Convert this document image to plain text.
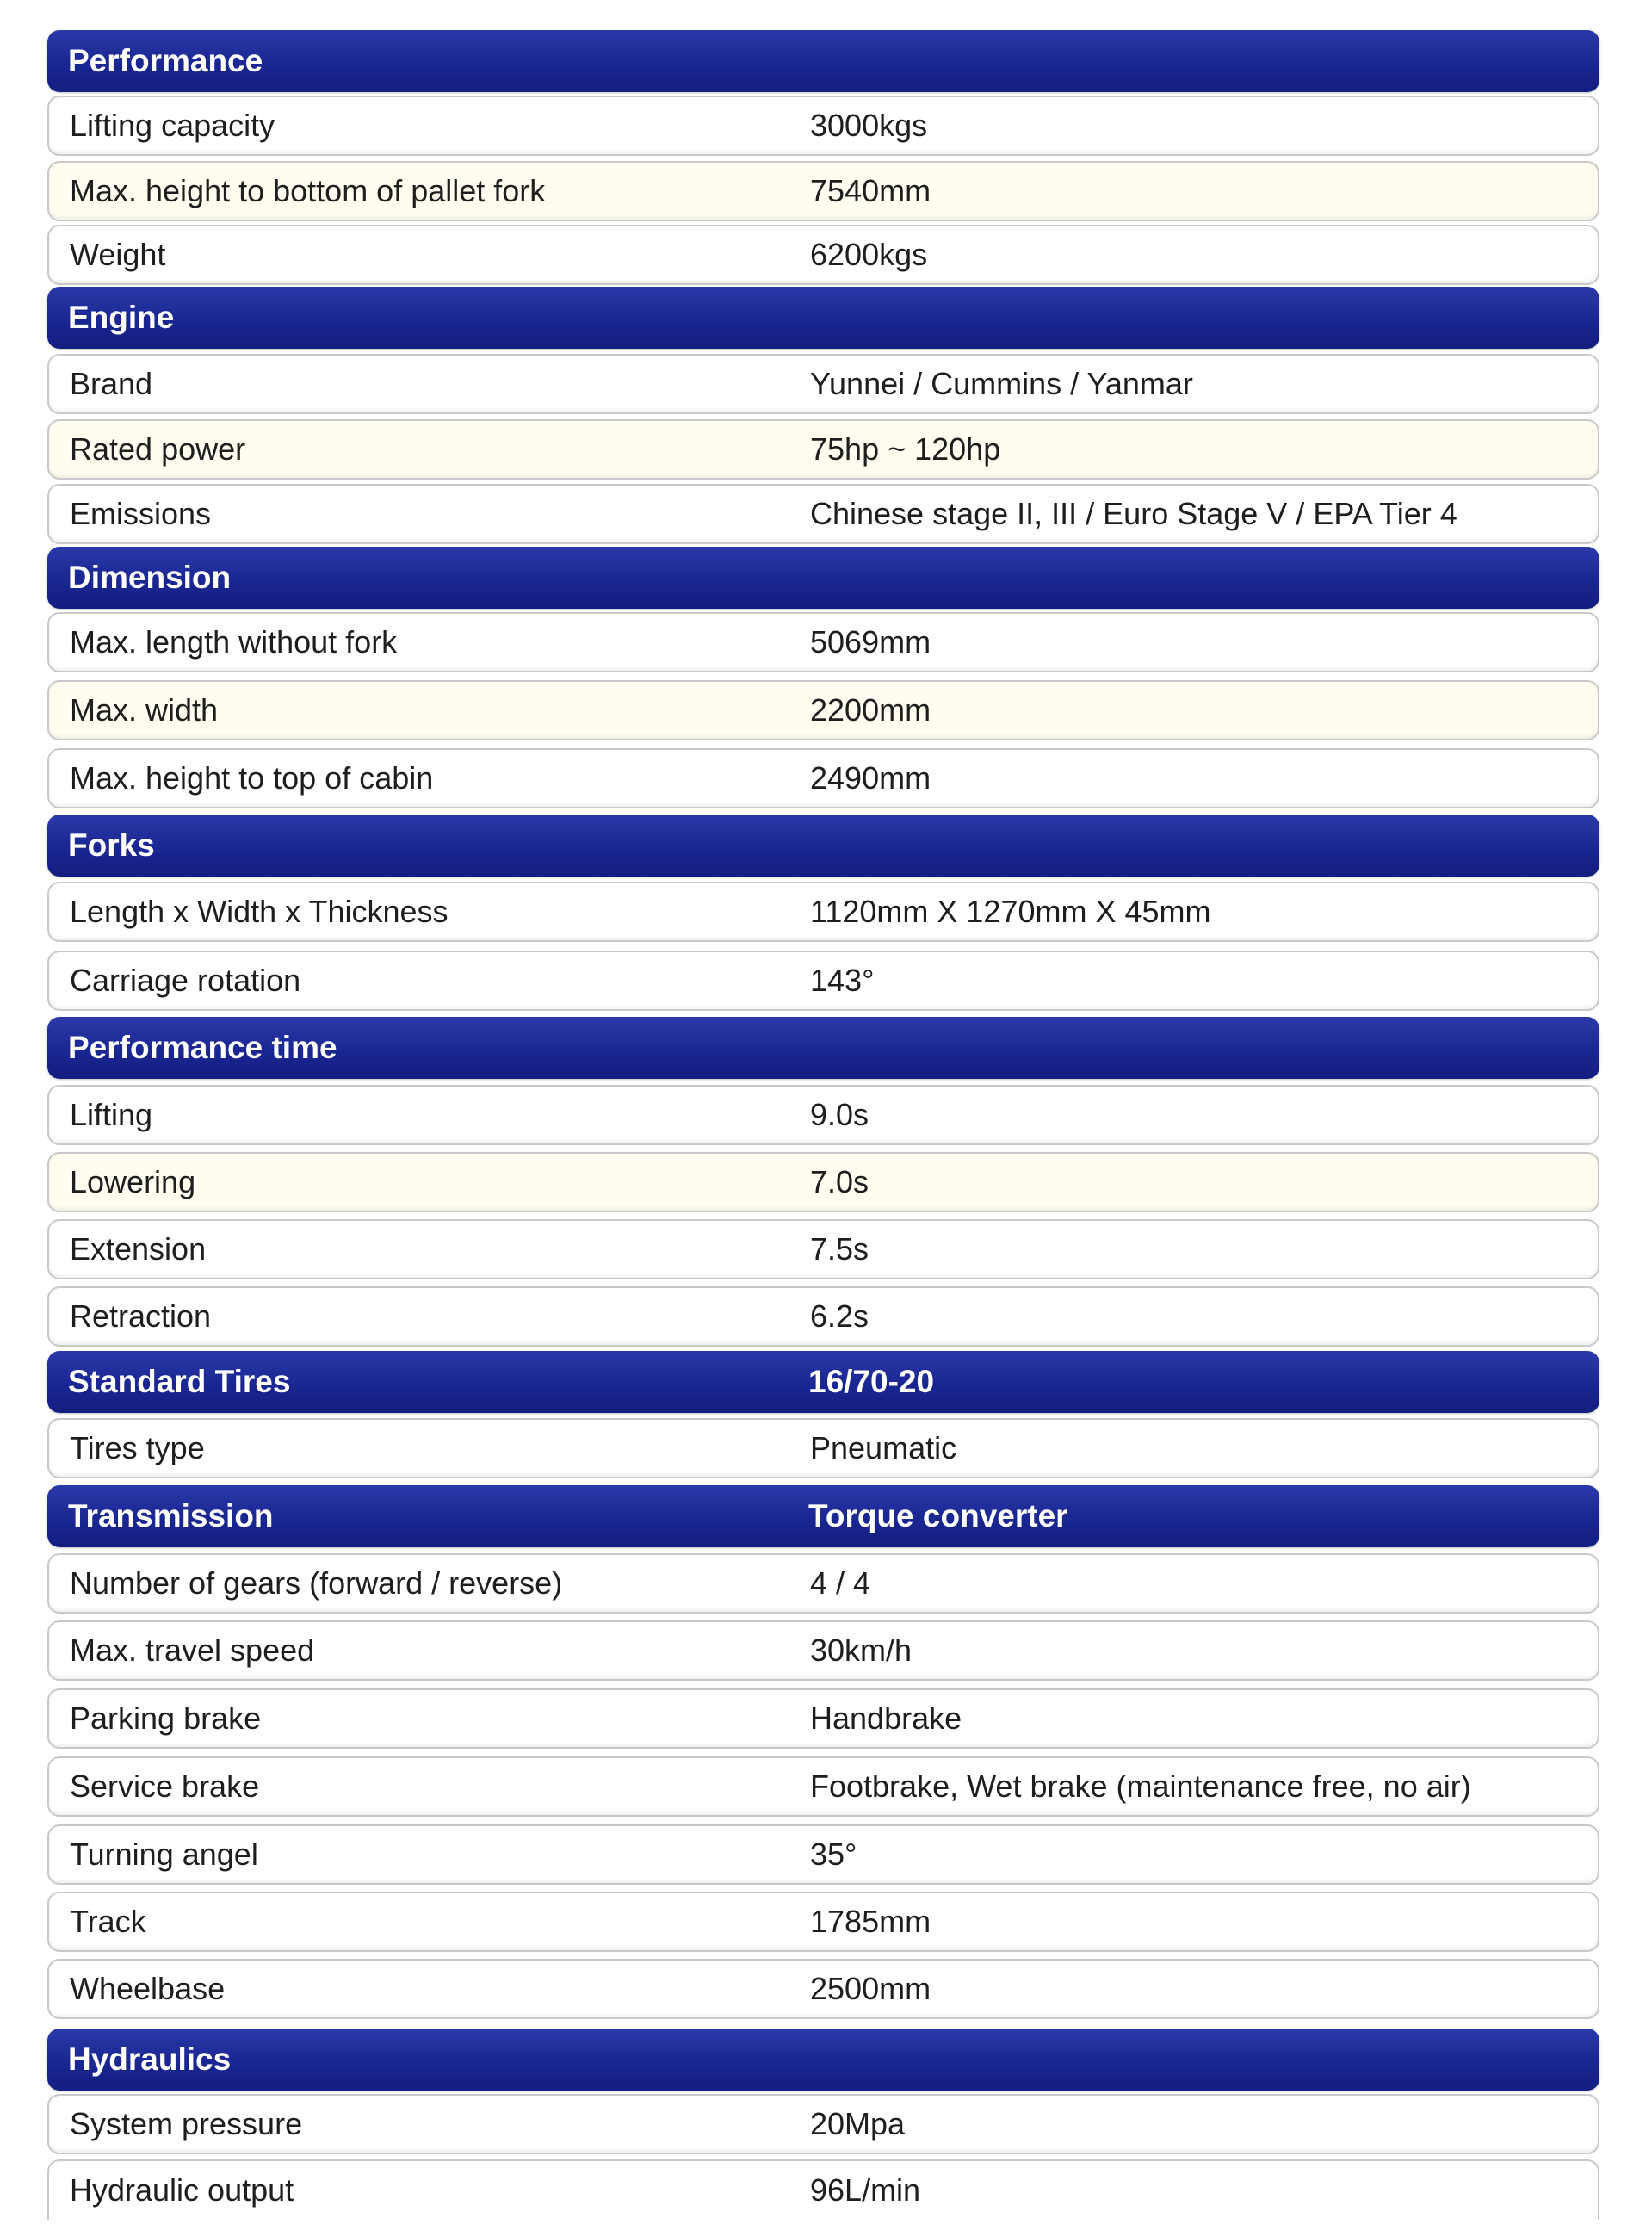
Performance
Lifting capacity	3000kgs
Max. height to bottom of pallet fork	7540mm
Weight	6200kgs
Engine
Brand	Yunnei / Cummins / Yanmar
Rated power	75hp ~ 120hp
Emissions	Chinese stage II, III / Euro Stage V / EPA Tier 4
Dimension
Max. length without fork	5069mm
Max. width	2200mm
Max. height to top of cabin	2490mm
Forks
Length x Width x Thickness	1120mm X 1270mm X 45mm
Carriage rotation	143°
Performance time
Lifting	9.0s
Lowering	7.0s
Extension	7.5s
Retraction	6.2s
Standard Tires	16/70-20
Tires type	Pneumatic
Transmission	Torque converter
Number of gears (forward / reverse)	4 / 4
Max. travel speed	30km/h
Parking brake	Handbrake
Service brake	Footbrake, Wet brake (maintenance free, no air)
Turning angel	35°
Track	1785mm
Wheelbase	2500mm
Hydraulics
System pressure	20Mpa
Hydraulic output	96L/min
